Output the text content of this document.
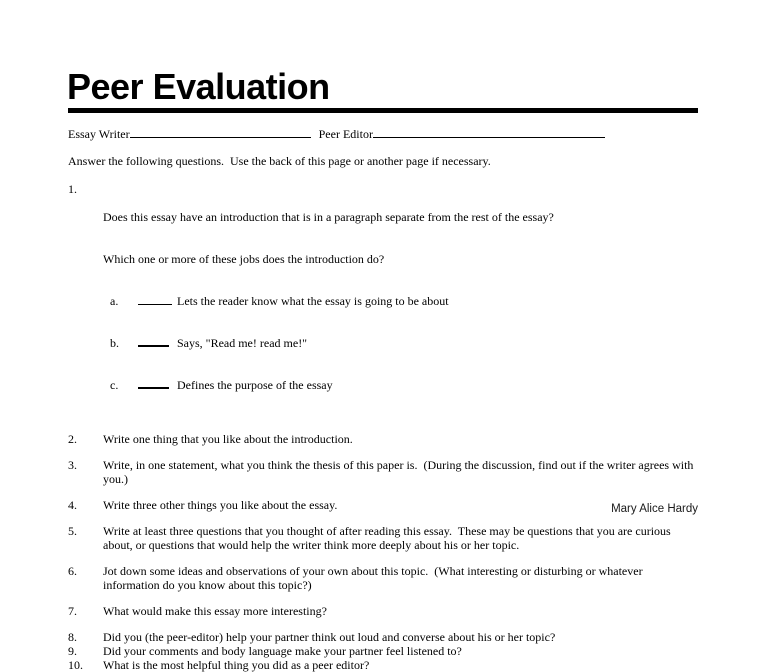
Peer Evaluation
Essay Writer	Peer Editor

Answer the following questions.  Use the back of this page or another page if necessary.

1.

Does this essay have an introduction that is in a paragraph separate from the rest of the essay?

Which one or more of these jobs does the introduction do?

a.	Lets the reader know what the essay is going to be about

b.	Says, "Read me! read me!"

c.	Defines the purpose of the essay

2.	Write one thing that you like about the introduction.
3.	Write, in one statement, what you think the thesis of this paper is.  (During the discussion, find out if the writer agrees with you.)
4.	Write three other things you like about the essay.
5.	Write at least three questions that you thought of after reading this essay.  These may be questions that you are curious about, or questions that would help the writer think more deeply about his or her topic.
6.	Jot down some ideas and observations of your own about this topic.  (What interesting or disturbing or whatever information do you know about this topic?)
7.	What would make this essay more interesting?
8.	Did you (the peer-editor) help your partner think out loud and converse about his or her topic?
9.	Did your comments and body language make your partner feel listened to?
10.	What is the most helpful thing you did as a peer editor?
Mary Alice Hardy
